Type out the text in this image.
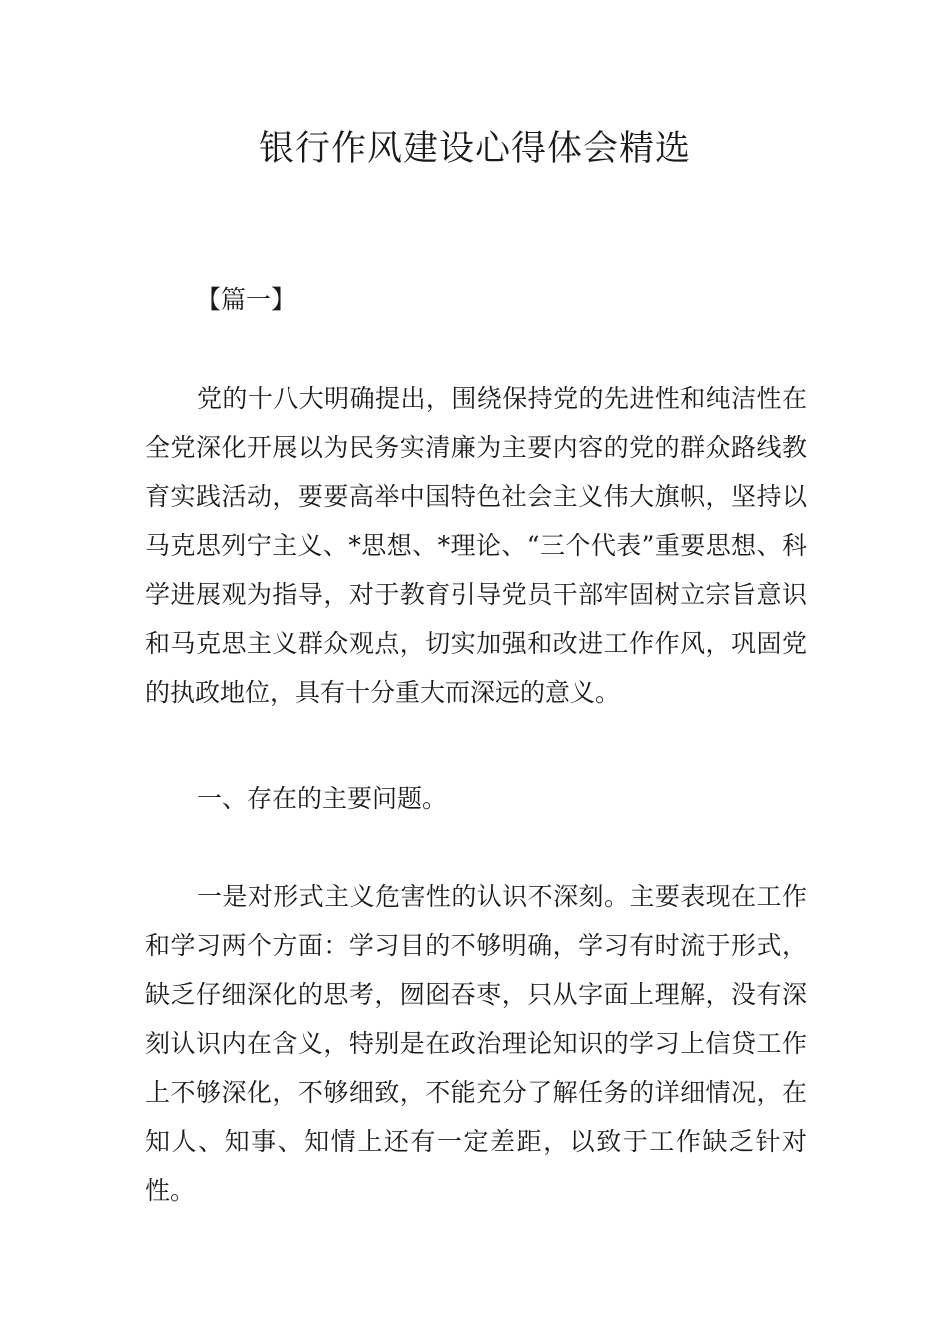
银行作风建设心得体会精选
【篇一】

党的十八大明确提出，围绕保持党的先进性和纯洁性在全党深化开展以为民务实清廉为主要内容的党的群众路线教育实践活动，要要高举中国特色社会主义伟大旗帜，坚持以马克思列宁主义、*思想、*理论、“三个代表”重要思想、科学进展观为指导，对于教育引导党员干部牢固树立宗旨意识和马克思主义群众观点，切实加强和改进工作作风，巩固党的执政地位，具有十分重大而深远的意义。

一、存在的主要问题。

一是对形式主义危害性的认识不深刻。主要表现在工作和学习两个方面：学习目的不够明确，学习有时流于形式，缺乏仔细深化的思考，囫囵吞枣，只从字面上理解，没有深刻认识内在含义，特别是在政治理论知识的学习上信贷工作上不够深化，不够细致，不能充分了解任务的详细情况，在知人、知事、知情上还有一定差距，以致于工作缺乏针对性。
